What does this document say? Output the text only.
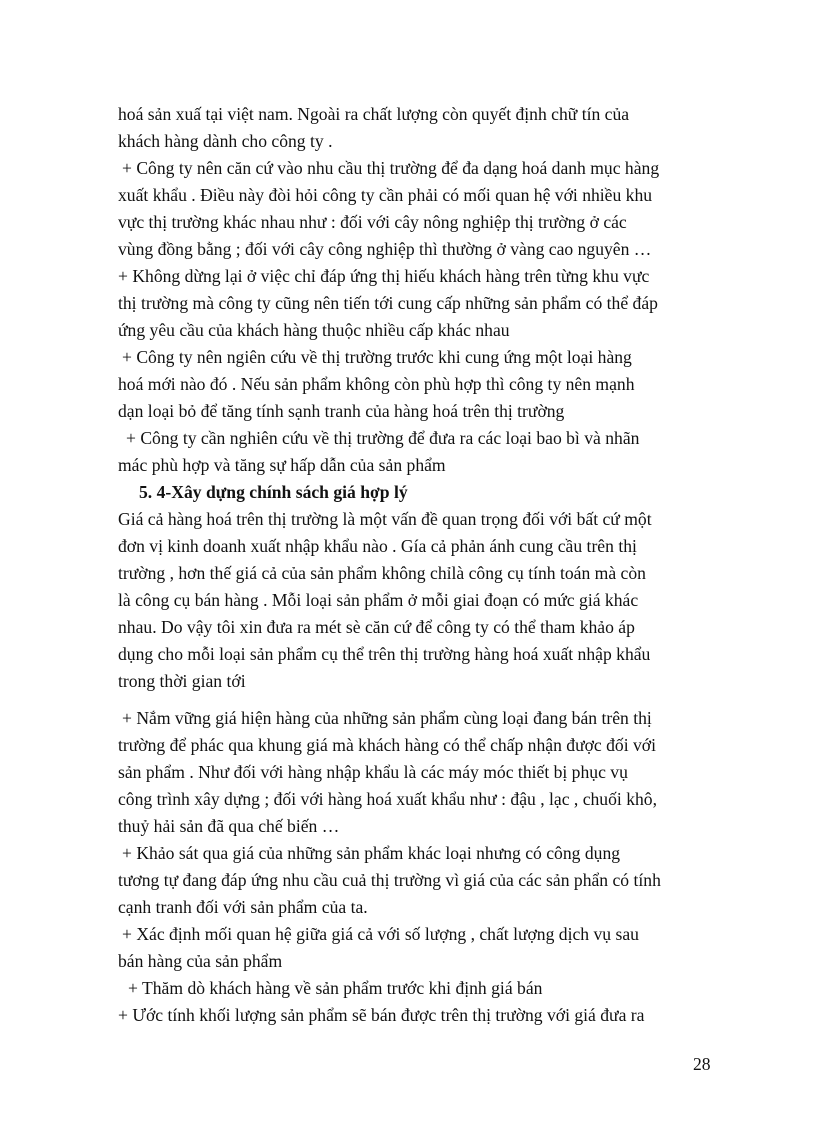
hoá sản xuấ tại việt nam. Ngoài ra chất lượng còn quyết định chữ tín của
khách hàng dành cho công ty .
+ Công ty nên căn cứ vào nhu cầu thị trường để đa dạng hoá danh mục hàng
xuất khẩu . Điều này đòi hỏi công ty cần phải có mối quan hệ với nhiều khu
vực thị trường khác nhau như : đối với cây nông nghiệp thị trường ở các
vùng đồng bằng ; đối với cây công nghiệp thì thường ở vàng cao nguyên …
+ Không dừng lại ở việc chỉ đáp ứng thị hiếu khách hàng trên từng khu vực
thị trường mà công ty cũng nên tiến tới cung cấp những sản phẩm có thể đáp
ứng yêu cầu của khách hàng thuộc nhiều cấp khác nhau
+ Công ty nên ngiên cứu về thị trường trước khi cung ứng một loại hàng
hoá mới nào đó . Nếu sản phẩm không còn phù hợp thì công ty nên mạnh
dạn loại bỏ để tăng tính sạnh tranh của hàng hoá trên thị trường
+ Công ty cần nghiên cứu về thị trường để đưa ra các loại bao bì và nhãn
mác phù hợp và tăng sự hấp dẫn của sản phẩm
5. 4-Xây dựng chính sách giá hợp lý
Giá cả hàng hoá trên thị trường là một vấn đề quan trọng đối với bất cứ một
đơn vị kinh doanh xuất nhập khẩu nào . Gía cả phản ánh cung cầu trên thị
trường , hơn thế giá cả của sản phẩm không chỉlà công cụ tính toán mà còn
là công cụ bán hàng . Mỗi loại sản phẩm ở mỗi giai đoạn có mức giá khác
nhau. Do vậy tôi xin đưa ra mét sè căn cứ để công ty có thể tham khảo áp
dụng cho mỗi loại sản phẩm cụ thể trên thị trường hàng hoá xuất nhập khẩu
trong thời gian tới
+ Nắm vững giá hiện hàng của những sản phẩm cùng loại đang bán trên thị
trường để phác qua khung giá mà khách hàng có thể chấp nhận được đối với
sản phẩm . Như đối với hàng nhập khẩu là các máy móc thiết bị phục vụ
công trình xây dựng ; đối với hàng hoá xuất khẩu như : đậu , lạc , chuối khô,
thuỷ hải sản đã qua chế biến …
+ Khảo sát qua giá của những sản phẩm khác loại nhưng có công dụng
tương tự đang đáp ứng nhu cầu cuả thị trường vì giá của các sản phẩn có tính
cạnh tranh đối với sản phẩm của ta.
+ Xác định mối quan hệ giữa giá cả với số lượng , chất lượng dịch vụ sau
bán hàng của sản phẩm
+ Thăm dò khách hàng về sản phẩm trước khi định giá bán
+ Ước tính khối lượng sản phẩm sẽ bán được trên thị trường với giá đưa ra
28
